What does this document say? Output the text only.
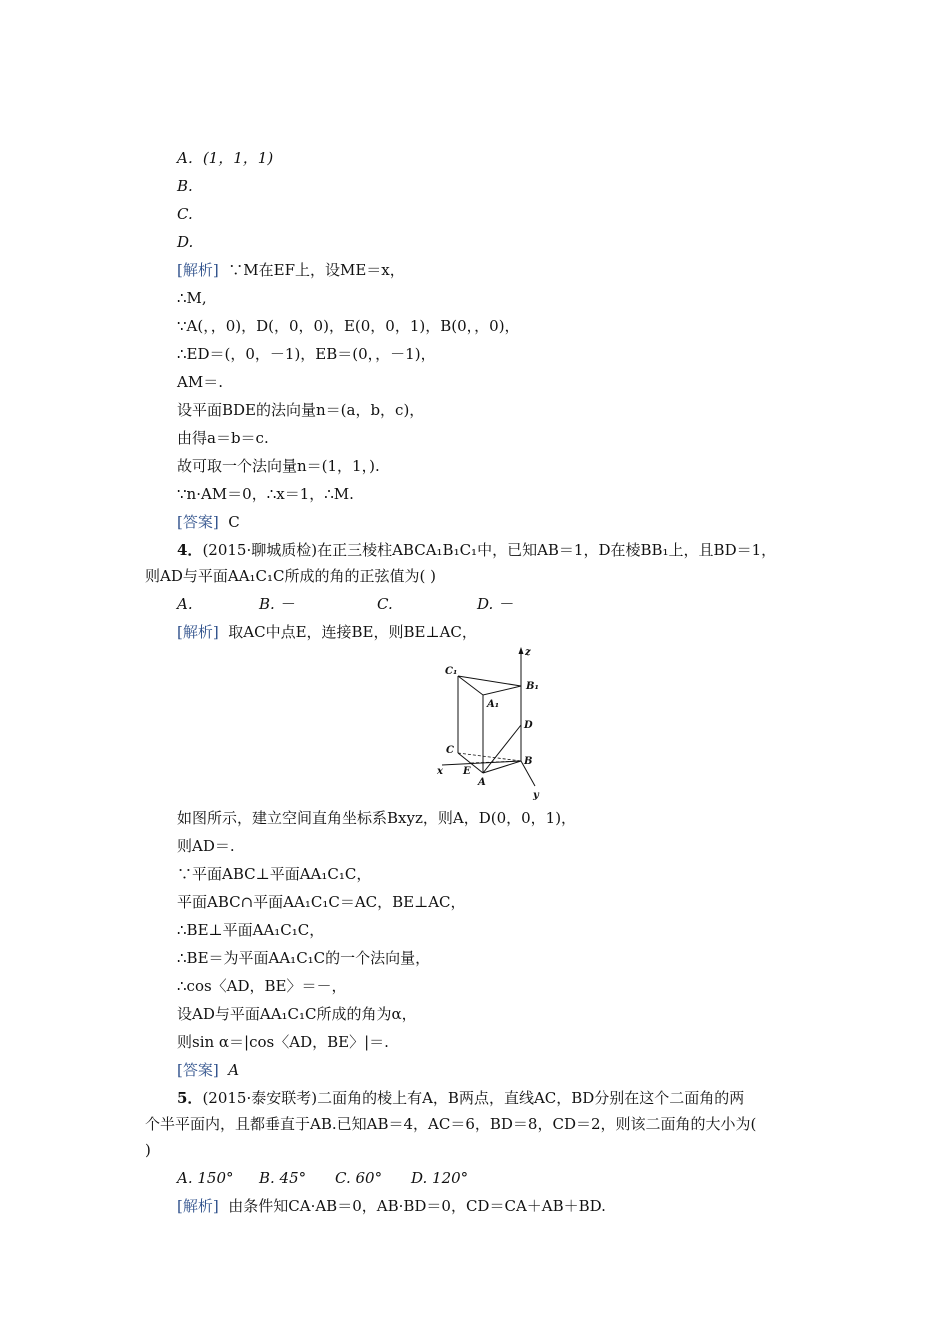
A．(1，1，1)
B.
C.
D.
[解析] ∵M在EF上，设ME＝x，
∴M,
∵A(，，0)，D(，0，0)，E(0，0，1)，B(0，，0)，
∴ED＝(，0，－1)，EB＝(0，，－1)，
AM＝.
设平面BDE的法向量n＝(a，b，c)，
由得a＝b＝c.
故可取一个法向量n＝(1，1，).
∵n·AM＝0，∴x＝1，∴M.
[答案] C
4．(2015·聊城质检)在正三棱柱ABCA₁B₁C₁中，已知AB＝1，D在棱BB₁上，且BD＝1，
则AD与平面AA₁C₁C所成的角的正弦值为( )
A.	B. －	C.	D. －
[解析] 取AC中点E，连接BE，则BE⊥AC，
C₁
B₁
A₁
D
C
B
E
A
x
y
z
如图所示，建立空间直角坐标系Bxyz，则A，D(0，0，1)，
则AD＝.
∵平面ABC⊥平面AA₁C₁C，
平面ABC∩平面AA₁C₁C＝AC，BE⊥AC，
∴BE⊥平面AA₁C₁C，
∴BE＝为平面AA₁C₁C的一个法向量，
∴cos〈AD，BE〉＝－，
设AD与平面AA₁C₁C所成的角为α，
则sin α＝|cos〈AD，BE〉|＝.
[答案] A
5．(2015·泰安联考)二面角的棱上有A，B两点，直线AC，BD分别在这个二面角的两
个半平面内，且都垂直于AB.已知AB＝4，AC＝6，BD＝8，CD＝2，则该二面角的大小为(
)
A. 150° B. 45° C. 60° D. 120°
[解析] 由条件知CA·AB＝0，AB·BD＝0，CD＝CA＋AB＋BD.
